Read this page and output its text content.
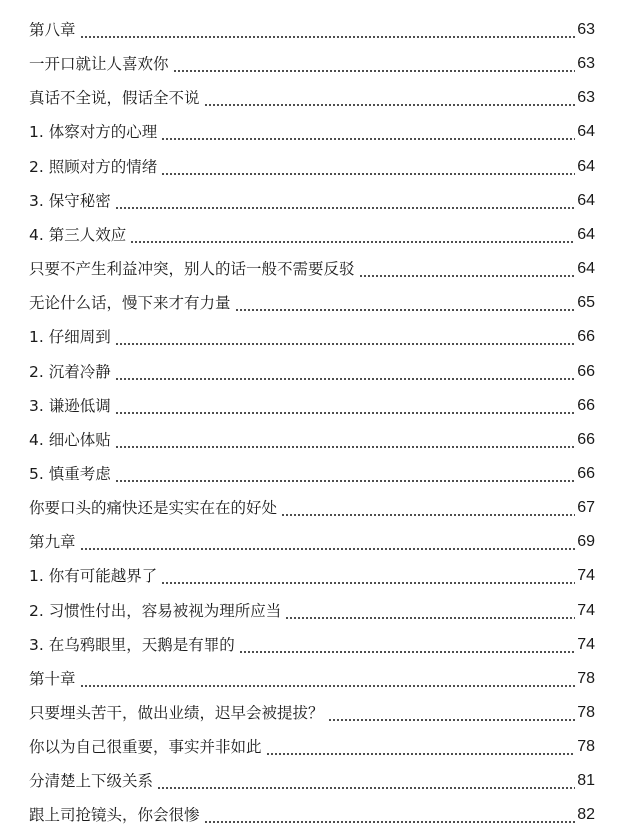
第八章	63
一开口就让人喜欢你	63
真话不全说，假话全不说	63
1. 体察对方的心理	64
2. 照顾对方的情绪	64
3. 保守秘密	64
4. 第三人效应	64
只要不产生利益冲突，别人的话一般不需要反驳	64
无论什么话，慢下来才有力量	65
1. 仔细周到	66
2. 沉着冷静	66
3. 谦逊低调	66
4. 细心体贴	66
5. 慎重考虑	66
你要口头的痛快还是实实在在的好处	67
第九章	69
1. 你有可能越界了	74
2. 习惯性付出，容易被视为理所应当	74
3. 在乌鸦眼里，天鹅是有罪的	74
第十章	78
只要埋头苦干，做出业绩，迟早会被提拔？	78
你以为自己很重要，事实并非如此	78
分清楚上下级关系	81
跟上司抢镜头，你会很惨	82
